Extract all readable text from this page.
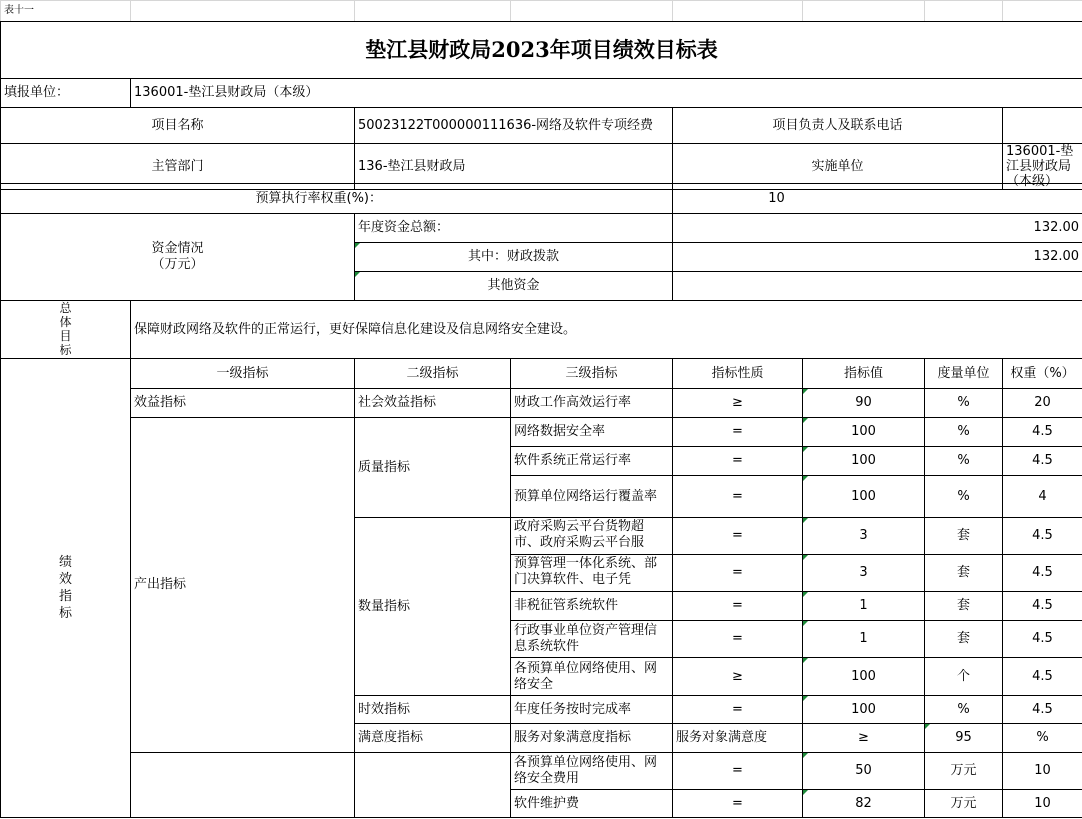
表十一							
垫江县财政局2023年项目绩效目标表							
填报单位：	136001-垫江县财政局（本级）						
项目名称		50023122T000000111636-网络及软件专项经费		项目负责人及联系电话			
主管部门		136-垫江县财政局		实施单位			136001-垫江县财政局（本级）
预算执行率权重(%)：		10

资金情况
（万元）	年度资金总额：	132.00
	其中：财政拨款	132.00
	其他资金	
总体目标
	保障财政网络及软件的正常运行，更好保障信息化建设及信息网络安全建设。
绩效指标	一级指标	二级指标	三级指标	指标性质	指标值	度量单位	权重（%）	
	效益指标	社会效益指标	财政工作高效运行率	≥	90	%	20	
	产出指标	质量指标	网络数据安全率	=	100	%	4.5	
			软件系统正常运行率	=	100	%	4.5	
			预算单位网络运行覆盖率	=	100	%	4	
		数量指标	政府采购云平台货物超市、政府采购云平台服	=	3	套	4.5	

			预算管理一体化系统、部门决算软件、电子凭	=	3	套	4.5	
			非税征管系统软件	=	1	套	4.5	
			行政事业单位资产管理信息系统软件	=	1	套	4.5	
			各预算单位网络使用、网络安全	≥	100	个	4.5	
		时效指标	年度任务按时完成率	=	100	%	4.5	
		满意度指标	服务对象满意度指标	服务对象满意度	≥	95	%	
			各预算单位网络使用、网络安全费用	=	50	万元	10	
			软件维护费	=	82	万元	10	
